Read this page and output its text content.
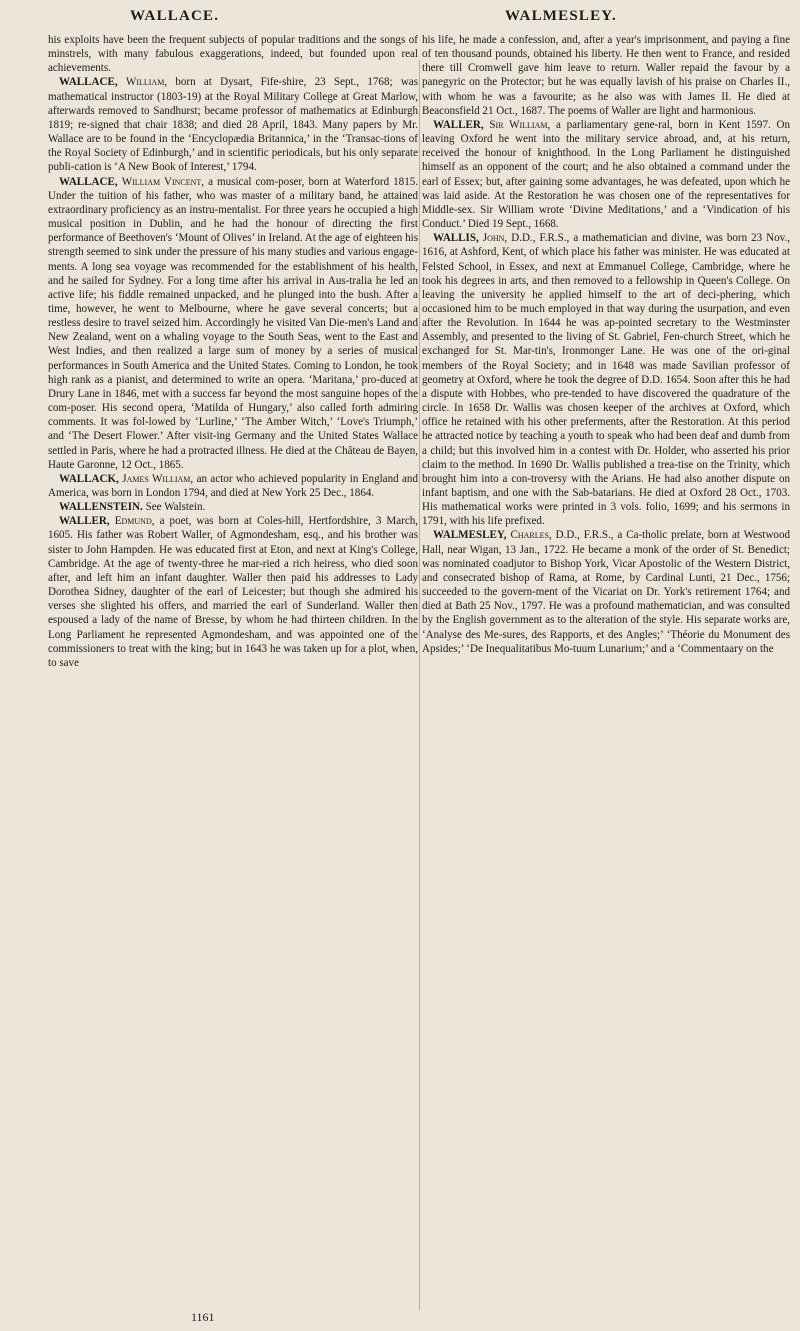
WALLACE.	WALMESLEY.

his exploits have been the frequent subjects of popular traditions and the songs of minstrels, with many fabulous exaggerations, indeed, but founded upon real achievements.

WALLACE, William, born at Dysart, Fife-shire, 23 Sept., 1768; was mathematical instructor (1803-19) at the Royal Military College at Great Marlow, afterwards removed to Sandhurst; became professor of mathematics at Edinburgh 1819; re-signed that chair 1838; and died 28 April, 1843. Many papers by Mr. Wallace are to be found in the ‘Encyclopædia Britannica,’ in the ‘Transac-tions of the Royal Society of Edinburgh,’ and in scientific periodicals, but his only separate publi-cation is ‘A New Book of Interest,’ 1794.

WALLACE, William Vincent, a musical com-poser, born at Waterford 1815. Under the tuition of his father, who was master of a military band, he attained extraordinary proficiency as an instru-mentalist. For three years he occupied a high musical position in Dublin, and he had the honour of directing the first performance of Beethoven's ‘Mount of Olives’ in Ireland. At the age of eighteen his strength seemed to sink under the pressure of his many studies and various engage-ments. A long sea voyage was recommended for the establishment of his health, and he sailed for Sydney. For a long time after his arrival in Aus-tralia he led an active life; his fiddle remained unpacked, and he plunged into the bush. After a time, however, he went to Melbourne, where he gave several concerts; but a restless desire to travel seized him. Accordingly he visited Van Die-men's Land and New Zealand, went on a whaling voyage to the South Seas, went to the East and West Indies, and then realized a large sum of money by a series of musical performances in South America and the United States. Coming to London, he took high rank as a pianist, and determined to write an opera. ‘Maritana,’ pro-duced at Drury Lane in 1846, met with a success far beyond the most sanguine hopes of the com-poser. His second opera, ‘Matilda of Hungary,’ also called forth admiring comments. It was fol-lowed by ‘Lurline,’ ‘The Amber Witch,’ ‘Love's Triumph,’ and ‘The Desert Flower.’ After visit-ing Germany and the United States Wallace settled in Paris, where he had a protracted illness. He died at the Château de Bayen, Haute Garonne, 12 Oct., 1865.

WALLACK, James William, an actor who achieved popularity in England and America, was born in London 1794, and died at New York 25 Dec., 1864.

WALLENSTEIN. See Walstein.

WALLER, Edmund, a poet, was born at Coles-hill, Hertfordshire, 3 March, 1605. His father was Robert Waller, of Agmondesham, esq., and his brother was sister to John Hampden. He was educated first at Eton, and next at King's College, Cambridge. At the age of twenty-three he mar-ried a rich heiress, who died soon after, and left him an infant daughter. Waller then paid his addresses to Lady Dorothea Sidney, daughter of the earl of Leicester; but though she admired his verses she slighted his offers, and married the earl of Sunderland. Waller then espoused a lady of the name of Bresse, by whom he had thirteen children. In the Long Parliament he represented Agmondesham, and was appointed one of the commissioners to treat with the king; but in 1643 he was taken up for a plot, when, to save

his life, he made a confession, and, after a year's imprisonment, and paying a fine of ten thousand pounds, obtained his liberty. He then went to France, and resided there till Cromwell gave him leave to return. Waller repaid the favour by a panegyric on the Protector; but he was equally lavish of his praise on Charles II., with whom he was a favourite; as he also was with James II. He died at Beaconsfield 21 Oct., 1687. The poems of Waller are light and harmonious.

WALLER, Sir William, a parliamentary gene-ral, born in Kent 1597. On leaving Oxford he went into the military service abroad, and, at his return, received the honour of knighthood. In the Long Parliament he distinguished himself as an opponent of the court; and he also obtained a command under the earl of Essex; but, after gaining some advantages, he was defeated, upon which he was laid aside. At the Restoration he was chosen one of the representatives for Middle-sex. Sir William wrote ‘Divine Meditations,’ and a ‘Vindication of his Conduct.’ Died 19 Sept., 1668.

WALLIS, John, D.D., F.R.S., a mathematician and divine, was born 23 Nov., 1616, at Ashford, Kent, of which place his father was minister. He was educated at Felsted School, in Essex, and next at Emmanuel College, Cambridge, where he took his degrees in arts, and then removed to a fellowship in Queen's College. On leaving the university he applied himself to the art of deci-phering, which occasioned him to be much employed in that way during the usurpation, and even after the Revolution. In 1644 he was ap-pointed secretary to the Westminster Assembly, and presented to the living of St. Gabriel, Fen-church Street, which he exchanged for St. Mar-tin's, Ironmonger Lane. He was one of the ori-ginal members of the Royal Society; and in 1648 was made Savilian professor of geometry at Oxford, where he took the degree of D.D. 1654. Soon after this he had a dispute with Hobbes, who pre-tended to have discovered the quadrature of the circle. In 1658 Dr. Wallis was chosen keeper of the archives at Oxford, which office he retained with his other preferments, after the Restoration. At this period he attracted notice by teaching a youth to speak who had been deaf and dumb from a child; but this involved him in a contest with Dr. Holder, who asserted his prior claim to the method. In 1690 Dr. Wallis published a trea-tise on the Trinity, which brought him into a con-troversy with the Arians. He had also another dispute on infant baptism, and one with the Sab-batarians. He died at Oxford 28 Oct., 1703. His mathematical works were printed in 3 vols. folio, 1699; and his sermons in 1791, with his life prefixed.

WALMESLEY, Charles, D.D., F.R.S., a Ca-tholic prelate, born at Westwood Hall, near Wigan, 13 Jan., 1722. He became a monk of the order of St. Benedict; was nominated coadjutor to Bishop York, Vicar Apostolic of the Western District, and consecrated bishop of Rama, at Rome, by Cardinal Lunti, 21 Dec., 1756; succeeded to the govern-ment of the Vicariat on Dr. York's retirement 1764; and died at Bath 25 Nov., 1797. He was a profound mathematician, and was consulted by the English government as to the alteration of the style. His separate works are, ‘Analyse des Me-sures, des Rapports, et des Angles;’ ‘Théorie du Monument des Apsides;’ ‘De Inequalitatibus Mo-tuum Lunarium;’ and a ‘Commentaary on the

1161
